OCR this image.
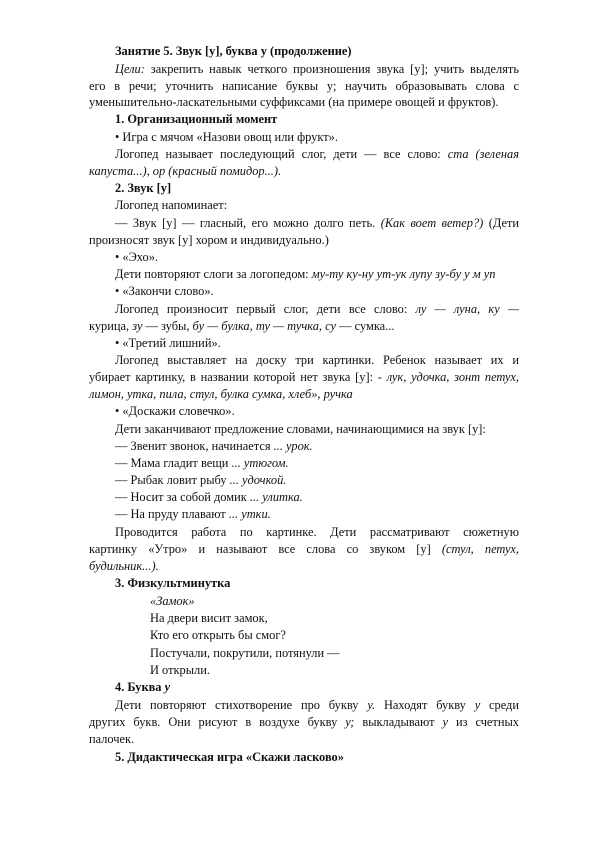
Занятие 5. Звук [у], буква у (продолжение)
Цели: закрепить навык четкого произношения звука [у]; учить выделять
его в речи; уточнить написание буквы у; научить образовывать слова с
уменьшительно-ласкательными суффиксами (на примере овощей и фруктов).
1. Организационный момент
• Игра с мячом «Назови овощ или фрукт».
Логопед называет последующий слог, дети — все слово: ста (зеленая
капуста...), ор (красный помидор...).
2. Звук [у]
Логопед напоминает:
— Звук [у] — гласный, его можно долго петь. (Как воет ветер?) (Дети
произносят звук [у] хором и индивидуально.)
• «Эхо».
Дети повторяют слоги за логопедом: му-ту ку-ну ут-ук лупу зу-бу у м уп
• «Закончи слово».
Логопед произносит первый слог, дети все слово: лу — луна, ку —
курица, зу — зубы, бу — булка, ту — тучка, су — сумка...
• «Третий лишний».
Логопед выставляет на доску три картинки. Ребенок называет их и
убирает картинку, в названии которой нет звука [у]: - лук, удочка, зонт петух,
лимон, утка, пила, стул, булка сумка, хлеб», ручка
• «Доскажи словечко».
Дети заканчивают предложение словами, начинающимися на звук [у]:
— Звенит звонок, начинается ... урок.
— Мама гладит вещи ... утюгом.
— Рыбак ловит рыбу ... удочкой.
— Носит за собой домик ... улитка.
— На пруду плавают ... утки.
Проводится работа по картинке. Дети рассматривают сюжетную
картинку «Утро» и называют все слова со звуком [у] (стул, петух,
будильник...).
3. Физкультминутка
«Замок»
На двери висит замок,
Кто его открыть бы смог?
Постучали, покрутили, потянули —
И открыли.
4. Буква у
Дети повторяют стихотворение про букву у. Находят букву у среди
других букв. Они рисуют в воздухе букву у; выкладывают у из счетных
палочек.
5. Дидактическая игра «Скажи ласково»
